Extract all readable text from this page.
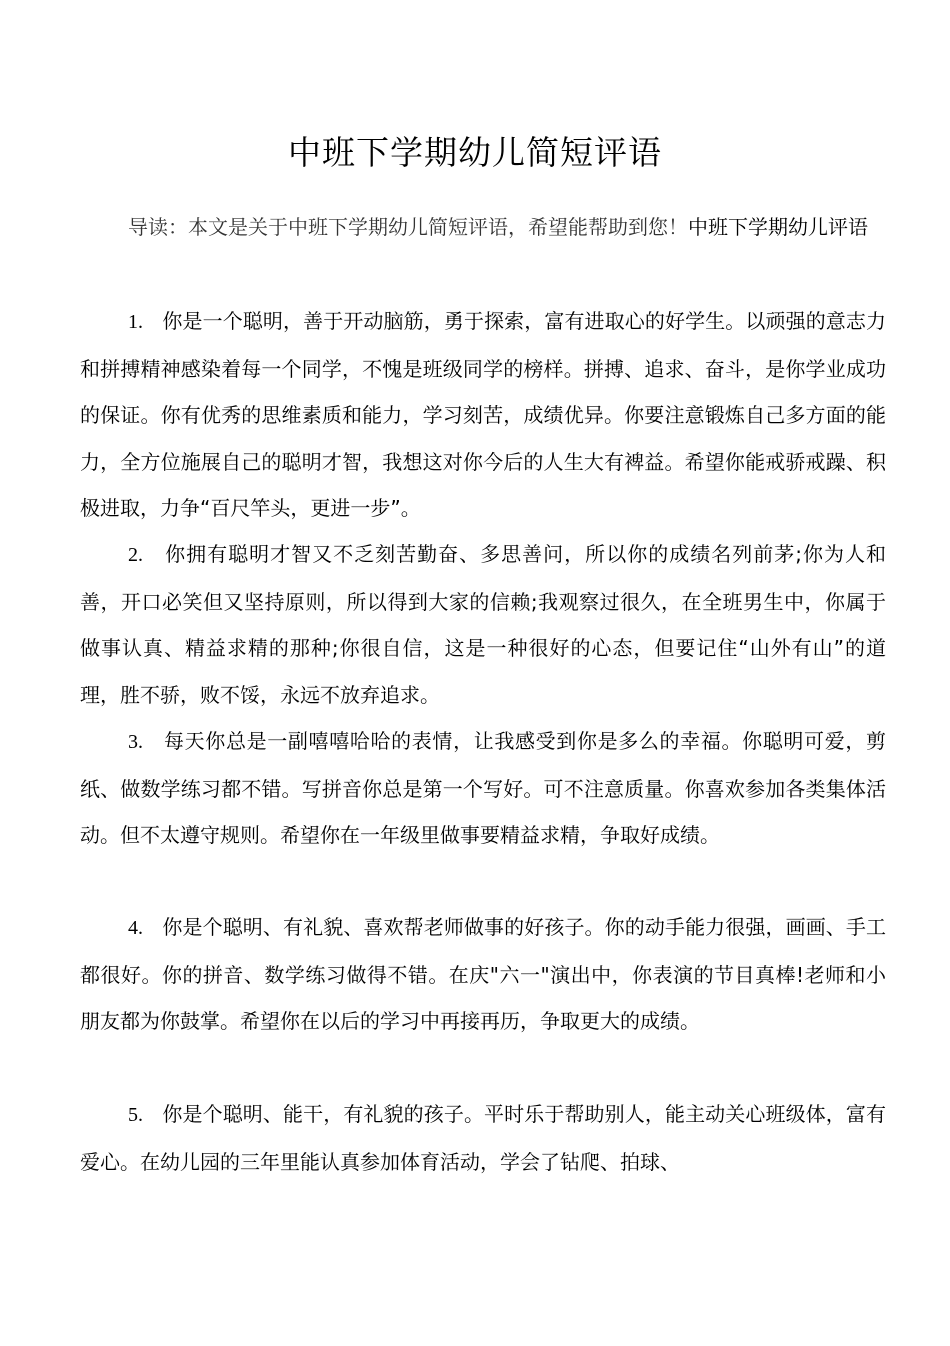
中班下学期幼儿简短评语
导读：本文是关于中班下学期幼儿简短评语，希望能帮助到您！中班下学期幼儿评语
1. 你是一个聪明，善于开动脑筋，勇于探索，富有进取心的好学生。以顽强的意志力和拼搏精神感染着每一个同学，不愧是班级同学的榜样。拼搏、追求、奋斗，是你学业成功的保证。你有优秀的思维素质和能力，学习刻苦，成绩优异。你要注意锻炼自己多方面的能力，全方位施展自己的聪明才智，我想这对你今后的人生大有裨益。希望你能戒骄戒躁、积极进取，力争“百尺竿头，更进一步”。
2. 你拥有聪明才智又不乏刻苦勤奋、多思善问，所以你的成绩名列前茅;你为人和善，开口必笑但又坚持原则，所以得到大家的信赖;我观察过很久，在全班男生中，你属于做事认真、精益求精的那种;你很自信，这是一种很好的心态，但要记住“山外有山”的道理，胜不骄，败不馁，永远不放弃追求。
3. 每天你总是一副嘻嘻哈哈的表情，让我感受到你是多么的幸福。你聪明可爱，剪纸、做数学练习都不错。写拼音你总是第一个写好。可不注意质量。你喜欢参加各类集体活动。但不太遵守规则。希望你在一年级里做事要精益求精，争取好成绩。
4. 你是个聪明、有礼貌、喜欢帮老师做事的好孩子。你的动手能力很强，画画、手工都很好。你的拼音、数学练习做得不错。在庆"六一"演出中，你表演的节目真棒!老师和小朋友都为你鼓掌。希望你在以后的学习中再接再历，争取更大的成绩。
5. 你是个聪明、能干，有礼貌的孩子。平时乐于帮助别人，能主动关心班级体，富有爱心。在幼儿园的三年里能认真参加体育活动，学会了钻爬、拍球、
